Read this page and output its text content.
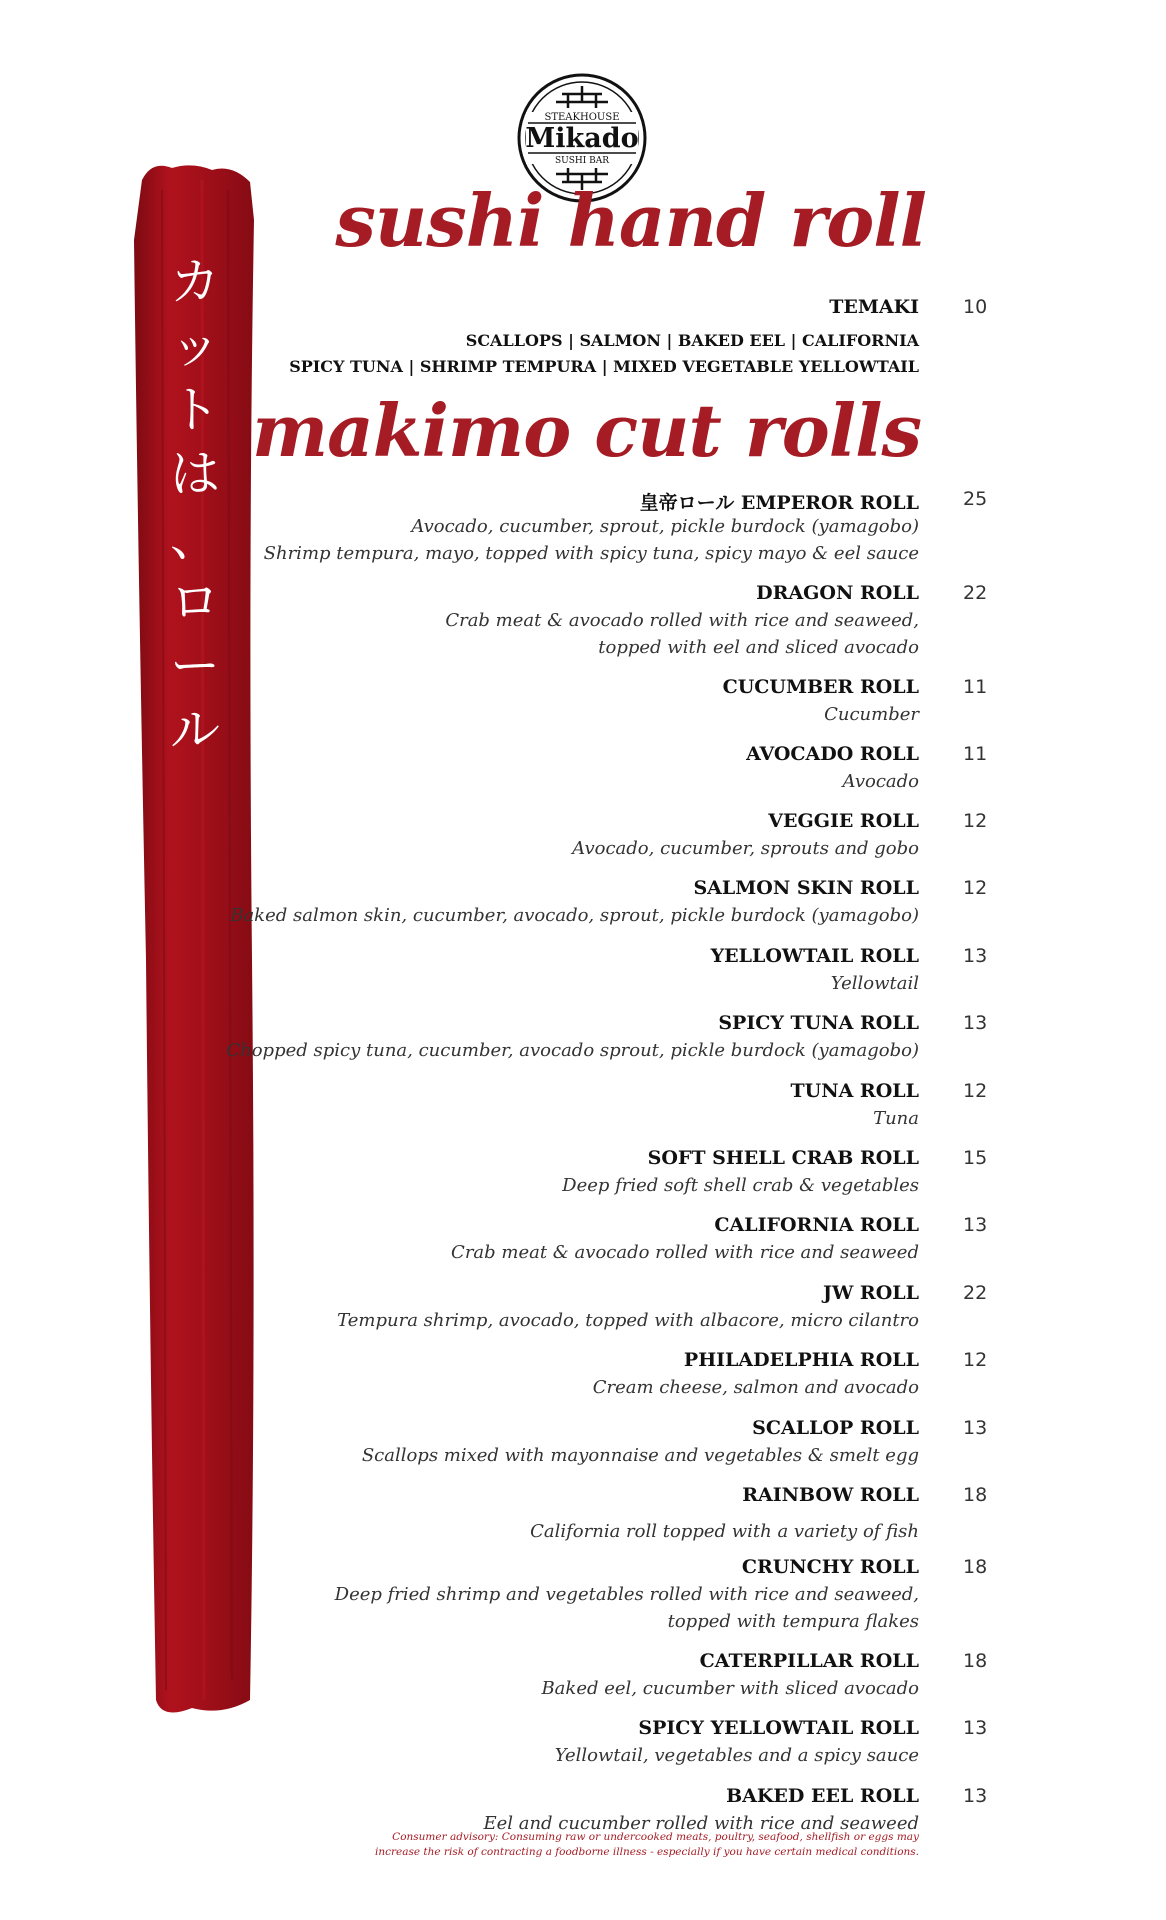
カ
ッ
ト
は
、
ロ
ー
ル
STEAKHOUSE
Mikado
SUSHI BAR
sushi hand roll
TEMAKI 10
SCALLOPS | SALMON | BAKED EEL | CALIFORNIA
SPICY TUNA | SHRIMP TEMPURA | MIXED VEGETABLE YELLOWTAIL
makimo cut rolls
皇帝ロール EMPEROR ROLL 25
Avocado, cucumber, sprout, pickle burdock (yamagobo)
Shrimp tempura, mayo, topped with spicy tuna, spicy mayo & eel sauce
DRAGON ROLL 22
Crab meat & avocado rolled with rice and seaweed,
topped with eel and sliced avocado
CUCUMBER ROLL 11
Cucumber
AVOCADO ROLL 11
Avocado
VEGGIE ROLL 12
Avocado, cucumber, sprouts and gobo
SALMON SKIN ROLL 12
Baked salmon skin, cucumber, avocado, sprout, pickle burdock (yamagobo)
YELLOWTAIL ROLL 13
Yellowtail
SPICY TUNA ROLL 13
Chopped spicy tuna, cucumber, avocado sprout, pickle burdock (yamagobo)
TUNA ROLL 12
Tuna
SOFT SHELL CRAB ROLL 15
Deep fried soft shell crab & vegetables
CALIFORNIA ROLL 13
Crab meat & avocado rolled with rice and seaweed
JW ROLL 22
Tempura shrimp, avocado, topped with albacore, micro cilantro
PHILADELPHIA ROLL 12
Cream cheese, salmon and avocado
SCALLOP ROLL 13
Scallops mixed with mayonnaise and vegetables & smelt egg
RAINBOW ROLL 18
California roll topped with a variety of fish
CRUNCHY ROLL 18
Deep fried shrimp and vegetables rolled with rice and seaweed,
topped with tempura flakes
CATERPILLAR ROLL 18
Baked eel, cucumber with sliced avocado
SPICY YELLOWTAIL ROLL 13
Yellowtail, vegetables and a spicy sauce
BAKED EEL ROLL 13
Eel and cucumber rolled with rice and seaweed
Consumer advisory: Consuming raw or undercooked meats, poultry, seafood, shellfish or eggs may
increase the risk of contracting a foodborne illness - especially if you have certain medical conditions.
